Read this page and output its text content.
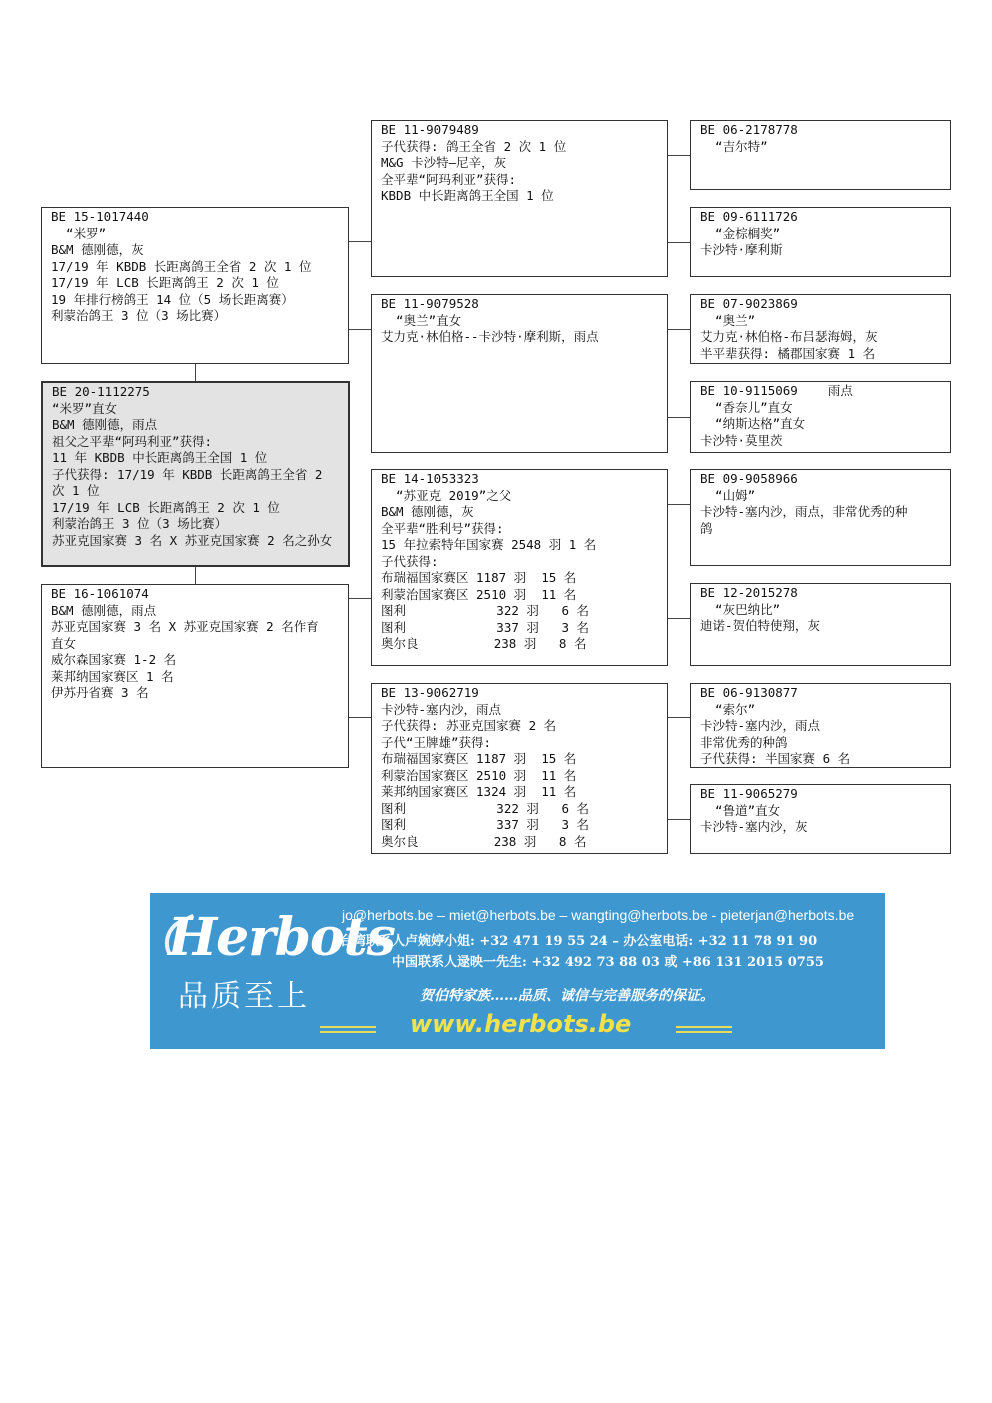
BE 15-1017440
“米罗”
B&M 德刚德，灰
17/19 年 KBDB 长距离鸽王全省 2 次 1 位
17/19 年 LCB 长距离鸽王 2 次 1 位
19 年排行榜鸽王 14 位（5 场长距离赛）
利蒙治鸽王 3 位（3 场比赛）
BE 20-1112275
“米罗”直女
B&M 德刚德，雨点
祖父之平辈“阿玛利亚”获得:
11 年 KBDB 中长距离鸽王全国 1 位
子代获得: 17/19 年 KBDB 长距离鸽王全省 2 次 1 位
17/19 年 LCB 长距离鸽王 2 次 1 位
利蒙治鸽王 3 位（3 场比赛）
苏亚克国家赛 3 名 X 苏亚克国家赛 2 名之孙女
BE 16-1061074
B&M 德刚德，雨点
苏亚克国家赛 3 名 X 苏亚克国家赛 2 名作育
直女
威尔森国家赛 1-2 名
莱邦纳国家赛区 1 名
伊苏丹省赛 3 名
BE 11-9079489
子代获得: 鸽王全省 2 次 1 位
M&G 卡沙特—尼辛，灰
全平辈“阿玛利亚”获得:
KBDB 中长距离鸽王全国 1 位
BE 11-9079528
“奥兰”直女
艾力克·林伯格--卡沙特·摩利斯，雨点
BE 14-1053323
“苏亚克 2019”之父
B&M 德刚德，灰
全平辈“胜利号”获得:
15 年拉索特年国家赛 2548 羽 1 名
子代获得:
布瑞福国家赛区 1187 羽  15 名
利蒙治国家赛区 2510 羽  11 名
图利            322 羽   6 名
图利            337 羽   3 名
奥尔良          238 羽   8 名
BE 13-9062719
卡沙特-塞内沙，雨点
子代获得: 苏亚克国家赛 2 名
子代“王牌雄”获得:
布瑞福国家赛区 1187 羽  15 名
利蒙治国家赛区 2510 羽  11 名
莱邦纳国家赛区 1324 羽  11 名
图利            322 羽   6 名
图利            337 羽   3 名
奥尔良          238 羽   8 名
BE 06-2178778
“吉尔特”
BE 09-6111726
“金棕榈奖”
卡沙特·摩利斯
BE 07-9023869
“奥兰”
艾力克·林伯格-布吕瑟海姆，灰
半平辈获得: 橘郡国家赛 1 名
BE 10-9115069    雨点
“香奈儿”直女
“纳斯达格”直女
卡沙特·莫里茨
BE 09-9058966
“山姆”
卡沙特-塞内沙，雨点，非常优秀的种
鸽
BE 12-2015278
“灰巴纳比”
迪诺-贺伯特使翔，灰
BE 06-9130877
“索尔”
卡沙特-塞内沙，雨点
非常优秀的种鸽
子代获得: 半国家赛 6 名
BE 11-9065279
“鲁道”直女
卡沙特-塞内沙，灰
Herbots
品质至上
jo@herbots.be – miet@herbots.be – wangting@herbots.be - pieterjan@herbots.be
台湾联系人卢婉婷小姐: +32 471 19 55 24 – 办公室电话: +32 11 78 91 90
中国联系人逯映一先生: +32 492 73 88 03 或 +86 131 2015 0755
贺伯特家族……品质、诚信与完善服务的保证。
www.herbots.be
